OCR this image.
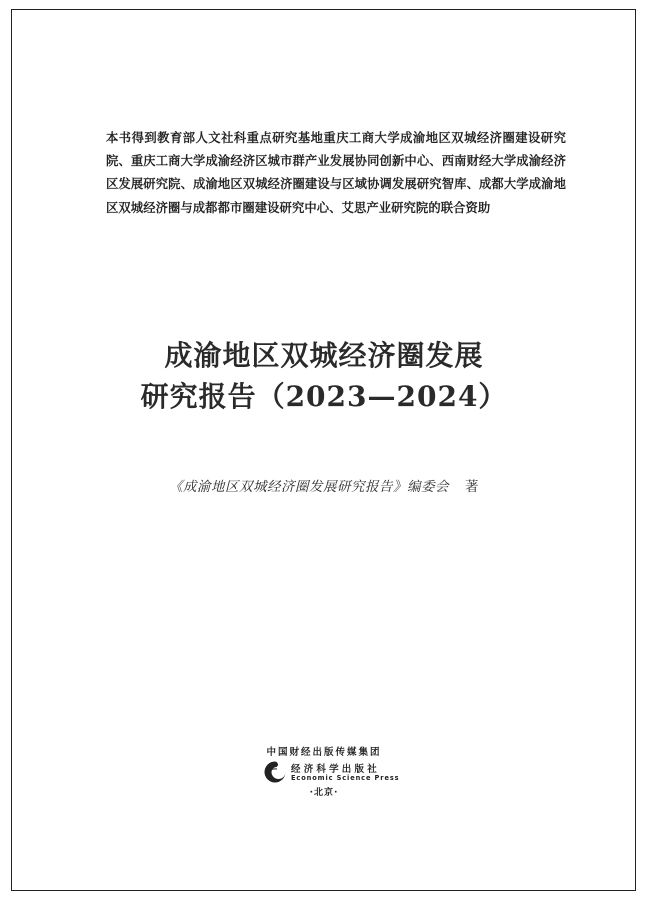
本书得到教育部人文社科重点研究基地重庆工商大学成渝地区双城经济圈建设研究院、重庆工商大学成渝经济区城市群产业发展协同创新中心、西南财经大学成渝经济区发展研究院、成渝地区双城经济圈建设与区域协调发展研究智库、成都大学成渝地区双城经济圈与成都都市圈建设研究中心、艾思产业研究院的联合资助

成渝地区双城经济圈发展
研究报告（2023—2024）
《成渝地区双城经济圈发展研究报告》编委会 著
中国财经出版传媒集团
经济科学出版社
Economic Science Press
·北京·
